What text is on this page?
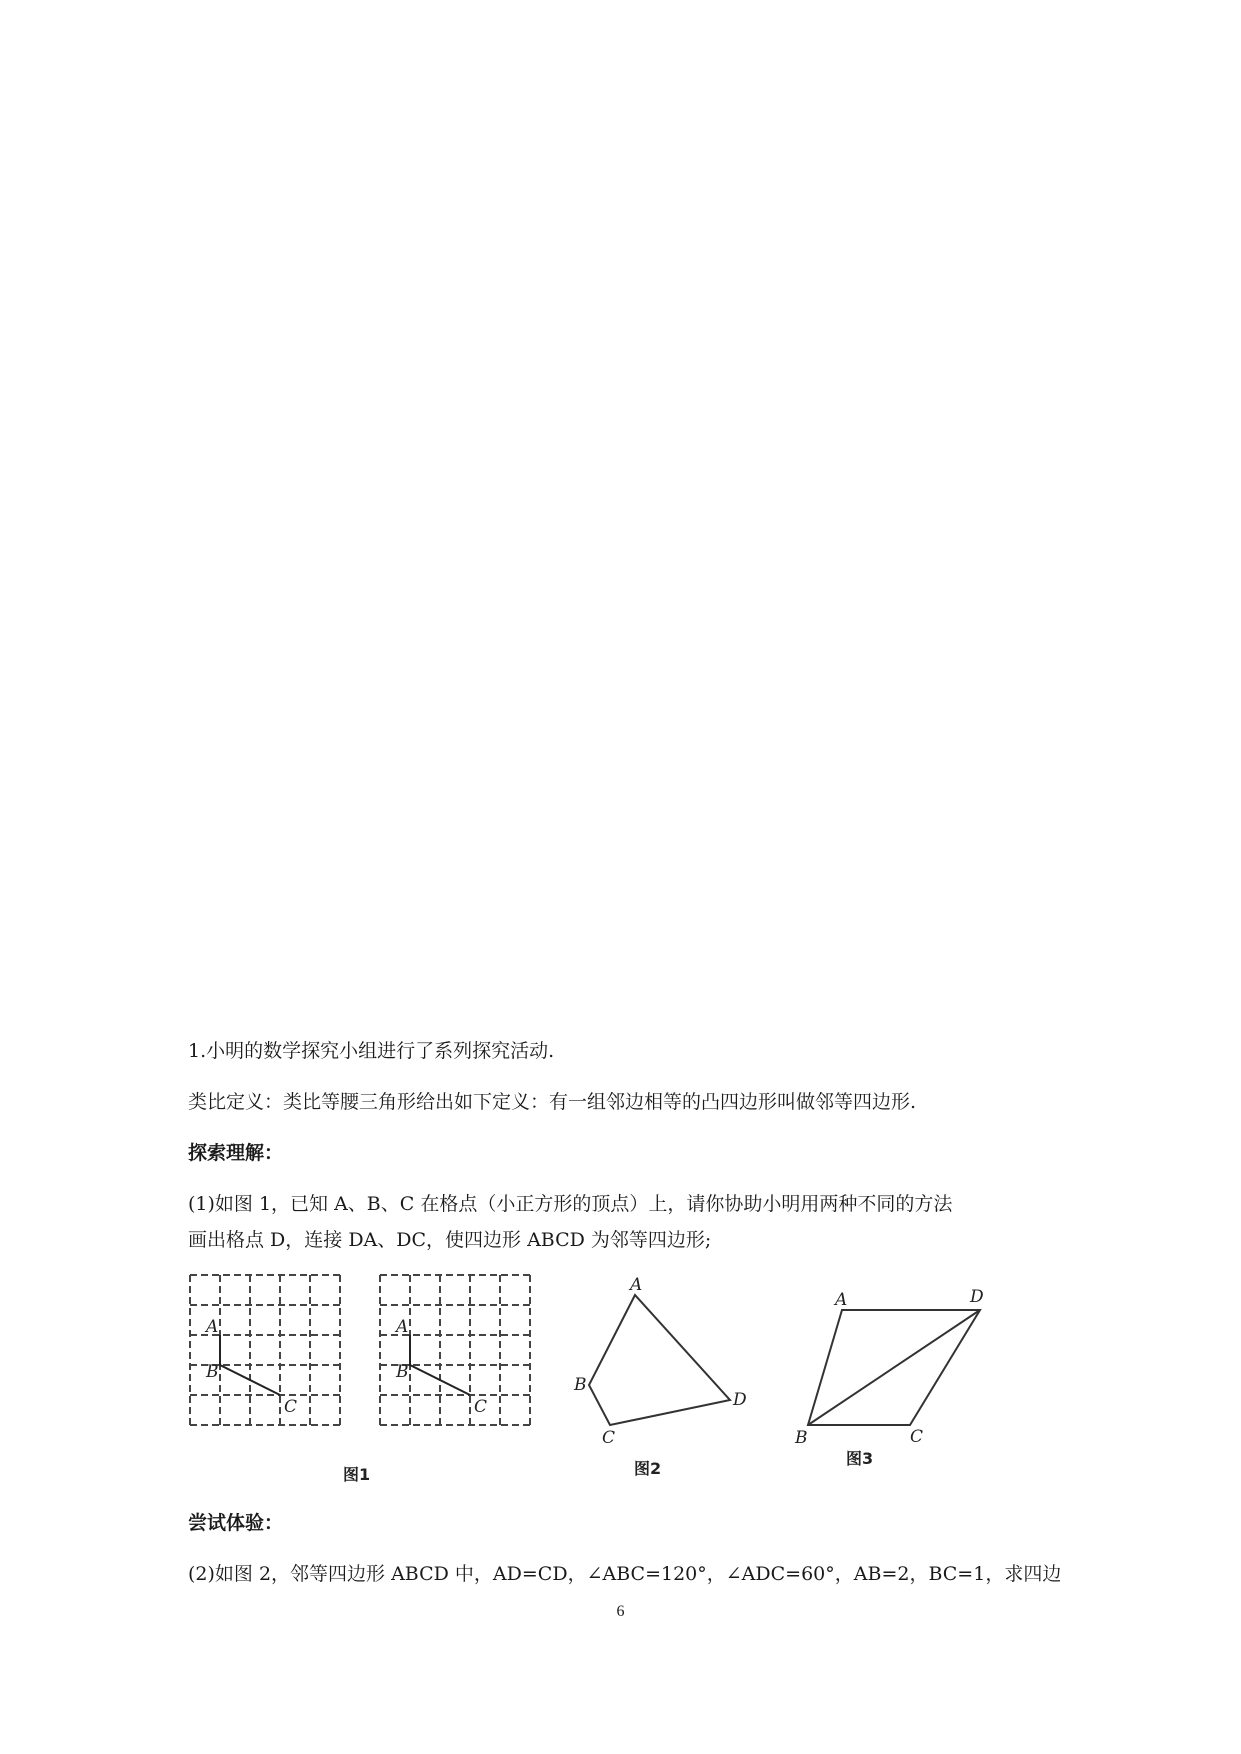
1.小明的数学探究小组进行了系列探究活动.
类比定义：类比等腰三角形给出如下定义：有一组邻边相等的凸四边形叫做邻等四边形.
探索理解：
(1)如图 1，已知 A、B、C 在格点（小正方形的顶点）上，请你协助小明用两种不同的方法
画出格点 D，连接 DA、DC，使四边形 ABCD 为邻等四边形;
A
B
C
A
B
C
图1
A
B
C
D
图2
A
B	C
D
图3
尝试体验：
(2)如图 2，邻等四边形 ABCD 中，AD=CD，∠ABC=120°，∠ADC=60°，AB=2，BC=1，求四边
6
